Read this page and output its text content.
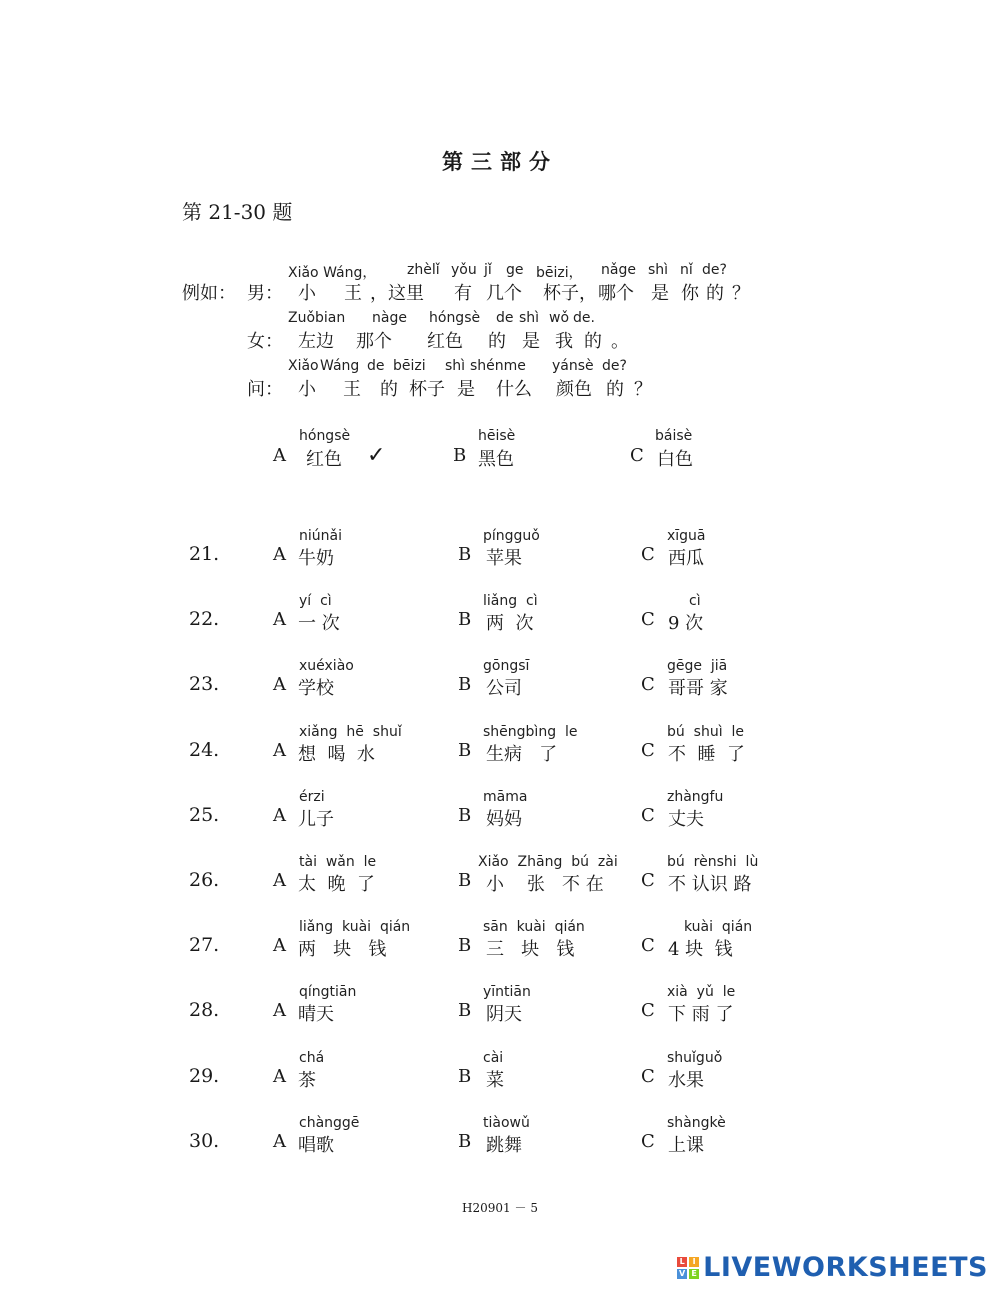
第三部分
第 21-30 题
例如： 男：
Xiǎo Wáng， zhèlǐ yǒu jǐ ge bēizi， nǎge shì nǐ de?
小 王 ，这里 有 几个 杯子， 哪个 是 你 的 ？
女：
Zuǒbian nàge hóngsè de shì wǒ de.
左边 那个 红色 的 是 我 的 。
问：
Xiǎo Wáng de bēizi shì shénme yánsè de?
小 王 的 杯子 是 什么 颜色 的 ？
hóngsè
A 红色 ✓
hēisè
B 黑色
báisè
C 白色
21.
niúnǎi
A 牛奶
píngguǒ
B 苹果
xīguā
C 西瓜
22.
yí  cì
A 一 次
liǎng  cì
B 两  次
cì
C 9 次
23.
xuéxiào
A 学校
gōngsī
B 公司
gēge  jiā
C 哥哥 家
24.
xiǎng  hē  shuǐ
A 想  喝  水
shēngbìng  le
B 生病   了
bú  shuì  le
C 不  睡  了
25.
érzi
A 儿子
māma
B 妈妈
zhàngfu
C 丈夫
26.
tài  wǎn  le
A 太  晚  了
Xiǎo  Zhāng  bú  zài
B 小    张   不 在
bú  rènshi  lù
C 不 认识 路
27.
liǎng  kuài  qián
A 两   块   钱
sān  kuài  qián
B 三   块   钱
kuài  qián
C 4 块  钱
28.
qíngtiān
A 晴天
yīntiān
B 阴天
xià  yǔ  le
C 下 雨 了
29.
chá
A 茶
cài
B 菜
shuǐguǒ
C 水果
30.
chànggē
A 唱歌
tiàowǔ
B 跳舞
shàngkè
C 上课
H20901 － 5
L I
V E LIVEWORKSHEETS
